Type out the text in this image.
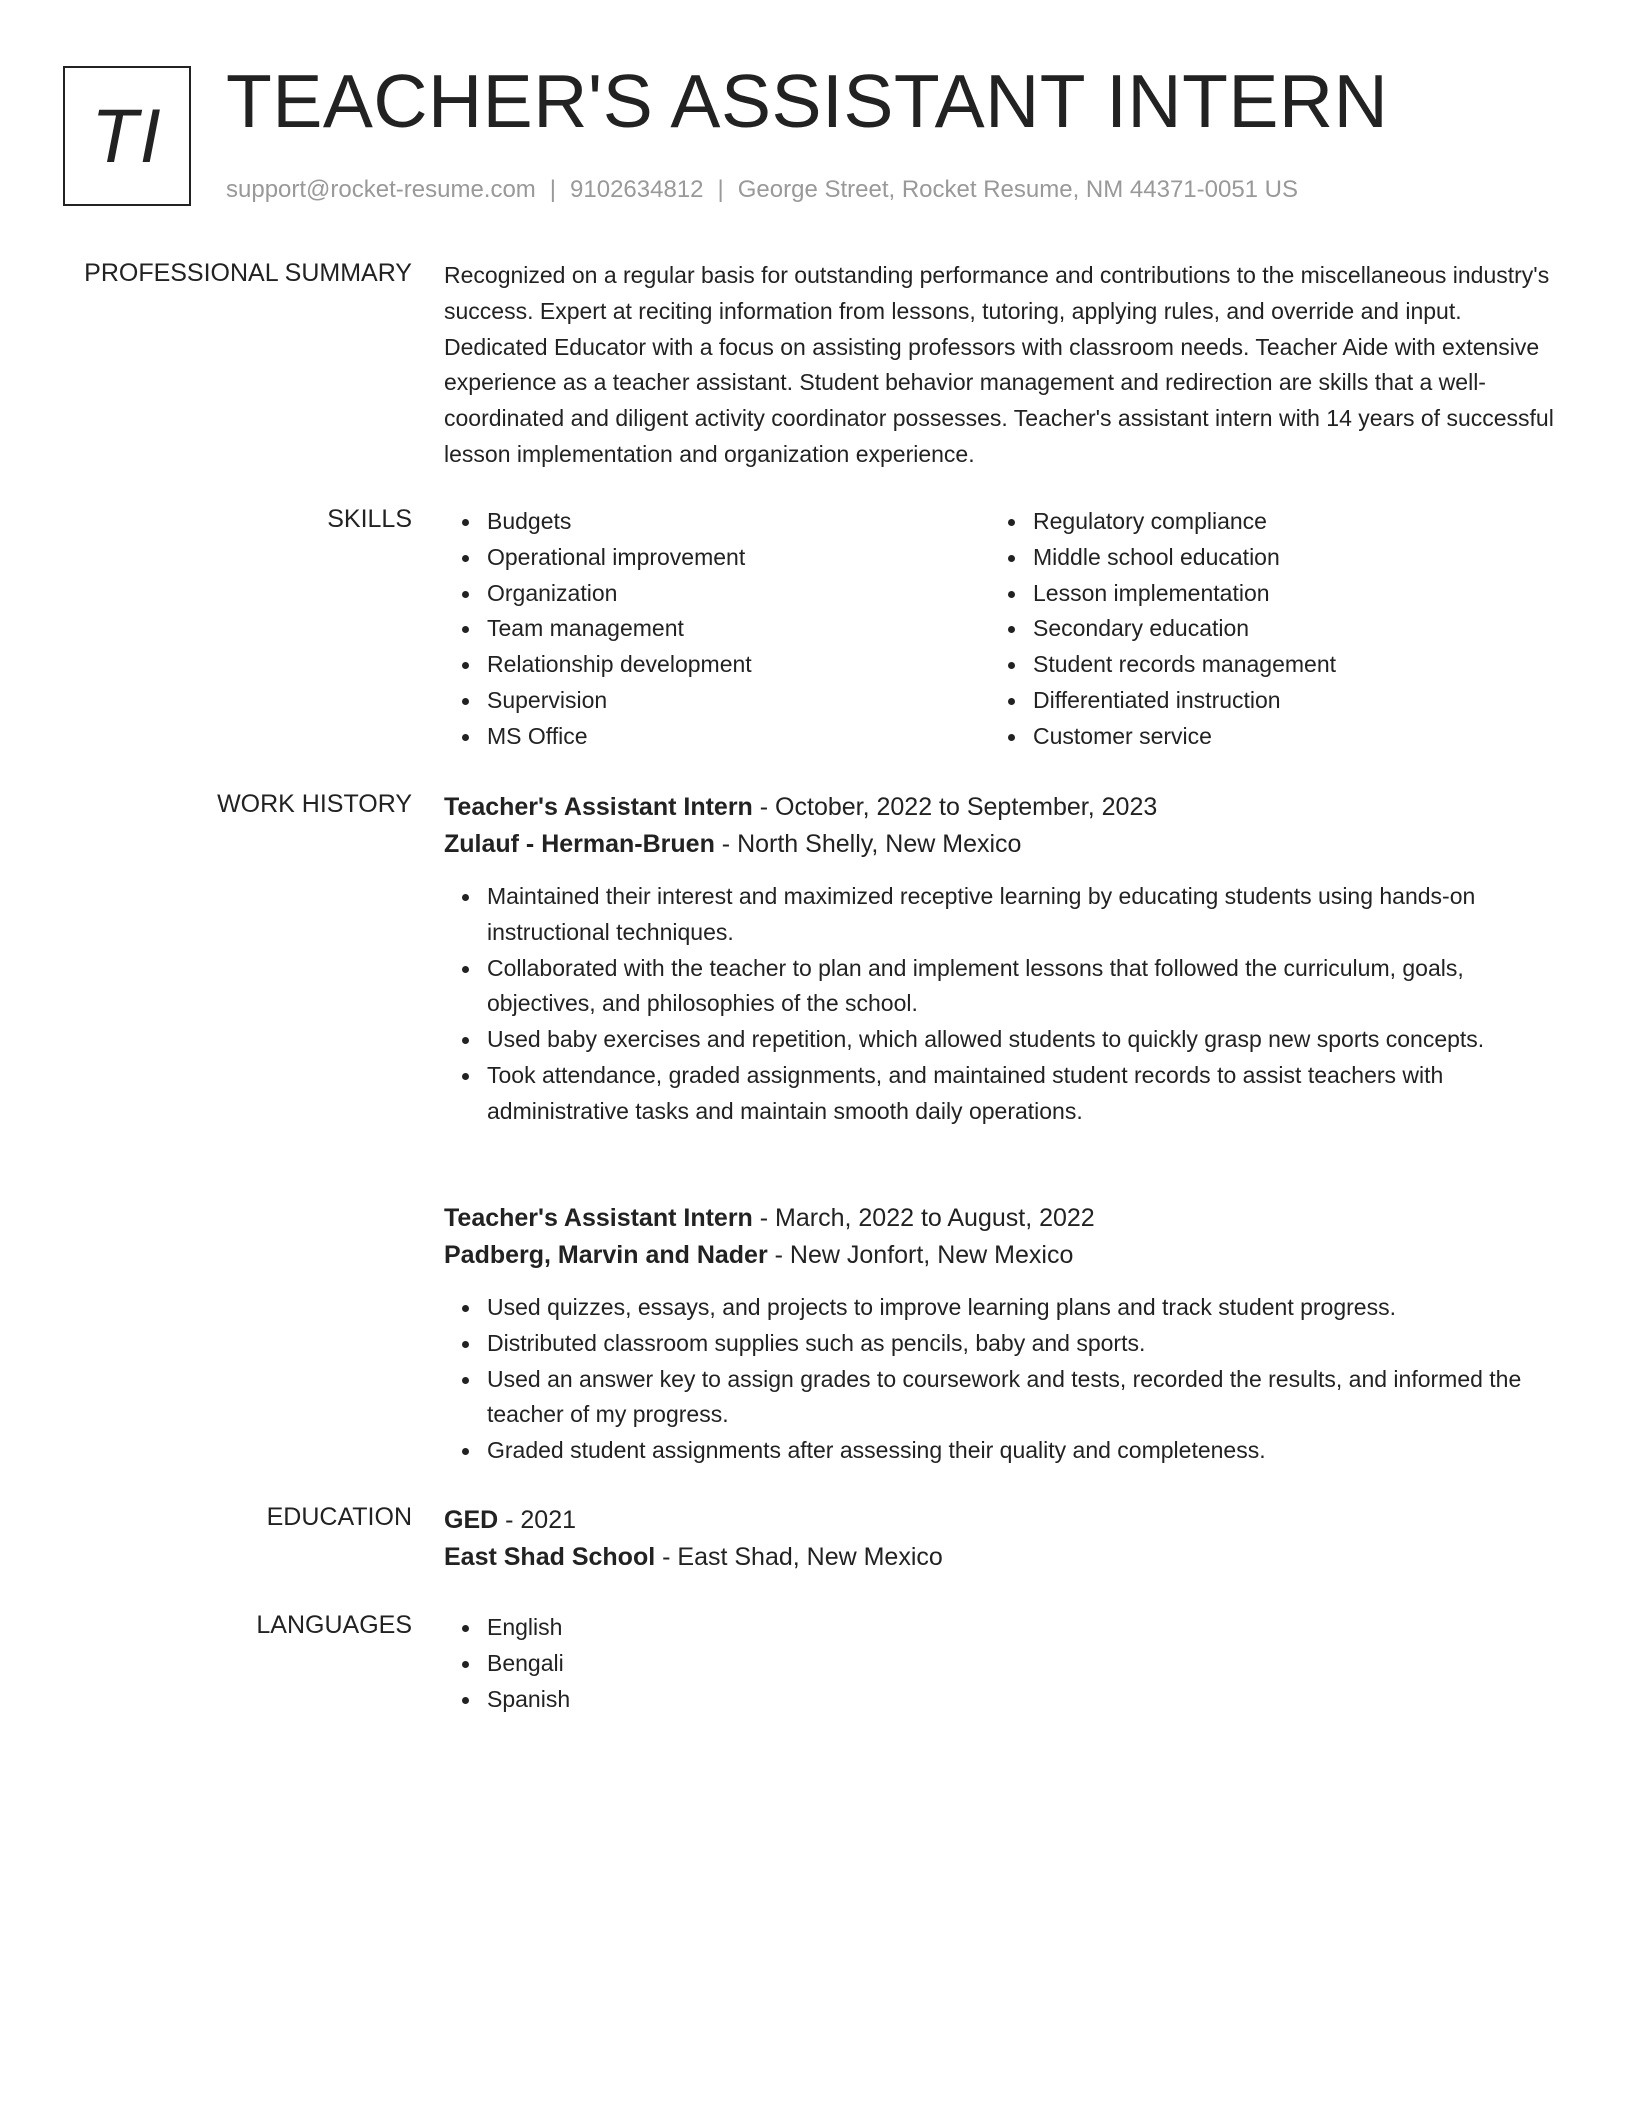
TI TEACHER'S ASSISTANT INTERN
support@rocket-resume.com | 9102634812 | George Street, Rocket Resume, NM 44371-0051 US
PROFESSIONAL SUMMARY Recognized on a regular basis for outstanding performance and contributions to the miscellaneous industry's success. Expert at reciting information from lessons, tutoring, applying rules, and override and input. Dedicated Educator with a focus on assisting professors with classroom needs. Teacher Aide with extensive experience as a teacher assistant. Student behavior management and redirection are skills that a well-coordinated and diligent activity coordinator possesses. Teacher's assistant intern with 14 years of successful lesson implementation and organization experience.

SKILLS	Budgets
Operational improvement
Organization
Team management
Relationship development
Supervision
MS Office
Regulatory compliance
Middle school education
Lesson implementation
Secondary education
Student records management
Differentiated instruction
Customer service
WORK HISTORY Teacher's Assistant Intern - October, 2022 to September, 2023
Zulauf - Herman-Bruen - North Shelly, New Mexico
Maintained their interest and maximized receptive learning by educating students using hands-on instructional techniques.
Collaborated with the teacher to plan and implement lessons that followed the curriculum, goals, objectives, and philosophies of the school.
Used baby exercises and repetition, which allowed students to quickly grasp new sports concepts.
Took attendance, graded assignments, and maintained student records to assist teachers with administrative tasks and maintain smooth daily operations.
Teacher's Assistant Intern - March, 2022 to August, 2022
Padberg, Marvin and Nader - New Jonfort, New Mexico
Used quizzes, essays, and projects to improve learning plans and track student progress.
Distributed classroom supplies such as pencils, baby and sports.
Used an answer key to assign grades to coursework and tests, recorded the results, and informed the teacher of my progress.
Graded student assignments after assessing their quality and completeness.
EDUCATION GED - 2021
East Shad School - East Shad, New Mexico
LANGUAGES	English
Bengali
Spanish
